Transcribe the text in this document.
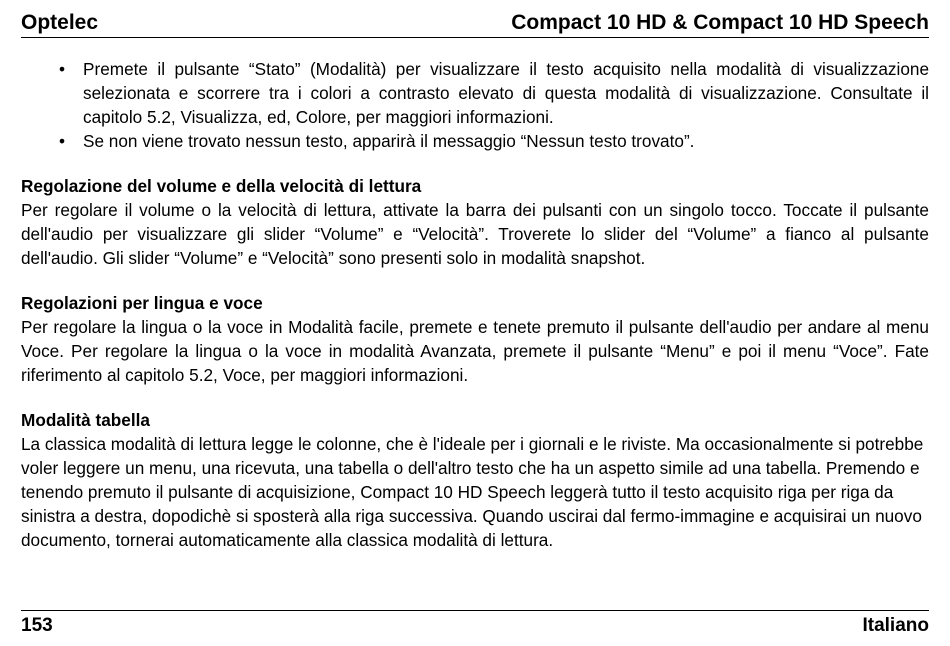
Optelec	Compact 10 HD & Compact 10 HD Speech
• Premete il pulsante “Stato” (Modalità) per visualizzare il testo acquisito nella modalità di visualizzazione selezionata e scorrere tra i colori a contrasto elevato di questa modalità di visualizzazione. Consultate il capitolo 5.2, Visualizza, ed, Colore, per maggiori informazioni.
• Se non viene trovato nessun testo, apparirà il messaggio “Nessun testo trovato”.
Regolazione del volume e della velocità di lettura

Per regolare il volume o la velocità di lettura, attivate la barra dei pulsanti con un singolo tocco. Toccate il pulsante dell'audio per visualizzare gli slider “Volume” e “Velocità”. Troverete lo slider del “Volume” a fianco al pulsante dell'audio. Gli slider “Volume” e “Velocità” sono presenti solo in modalità snapshot.

Regolazioni per lingua e voce

Per regolare la lingua o la voce in Modalità facile, premete e tenete premuto il pulsante dell'audio per andare al menu Voce. Per regolare la lingua o la voce in modalità Avanzata, premete il pulsante “Menu” e poi il menu “Voce”. Fate riferimento al capitolo 5.2, Voce, per maggiori informazioni.

Modalità tabella

La classica modalità di lettura legge le colonne, che è l'ideale per i giornali e le riviste. Ma occasionalmente si potrebbe voler leggere un menu, una ricevuta, una tabella o dell'altro testo che ha un aspetto simile ad una tabella. Premendo e tenendo premuto il pulsante di acquisizione, Compact 10 HD Speech leggerà tutto il testo acquisito riga per riga da sinistra a destra, dopodichè si sposterà alla riga successiva. Quando uscirai dal fermo-immagine e acquisirai un nuovo documento, tornerai automaticamente alla classica modalità di lettura.

153	Italiano
